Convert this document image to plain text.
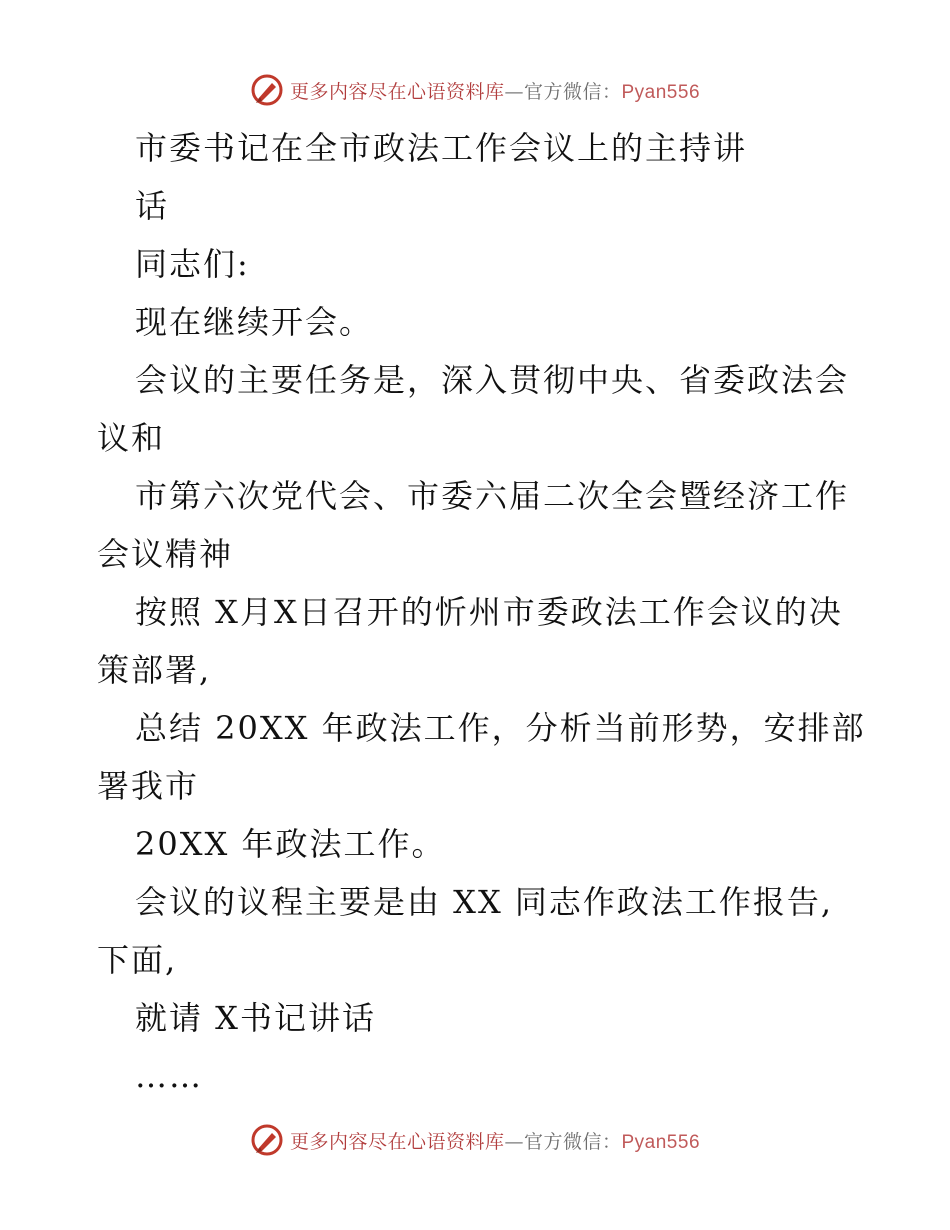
更多内容尽在心语资料库—官方微信：Pyan556
市委书记在全市政法工作会议上的主持讲
话
同志们:
现在继续开会。
会议的主要任务是，深入贯彻中央、省委政法会
议和
市第六次党代会、市委六届二次全会暨经济工作
会议精神
按照 X月X日召开的忻州市委政法工作会议的决
策部署,
总结 20XX 年政法工作，分析当前形势，安排部
署我市
20XX 年政法工作。
会议的议程主要是由 XX 同志作政法工作报告,
下面,
就请 X书记讲话
……
更多内容尽在心语资料库—官方微信：Pyan556
